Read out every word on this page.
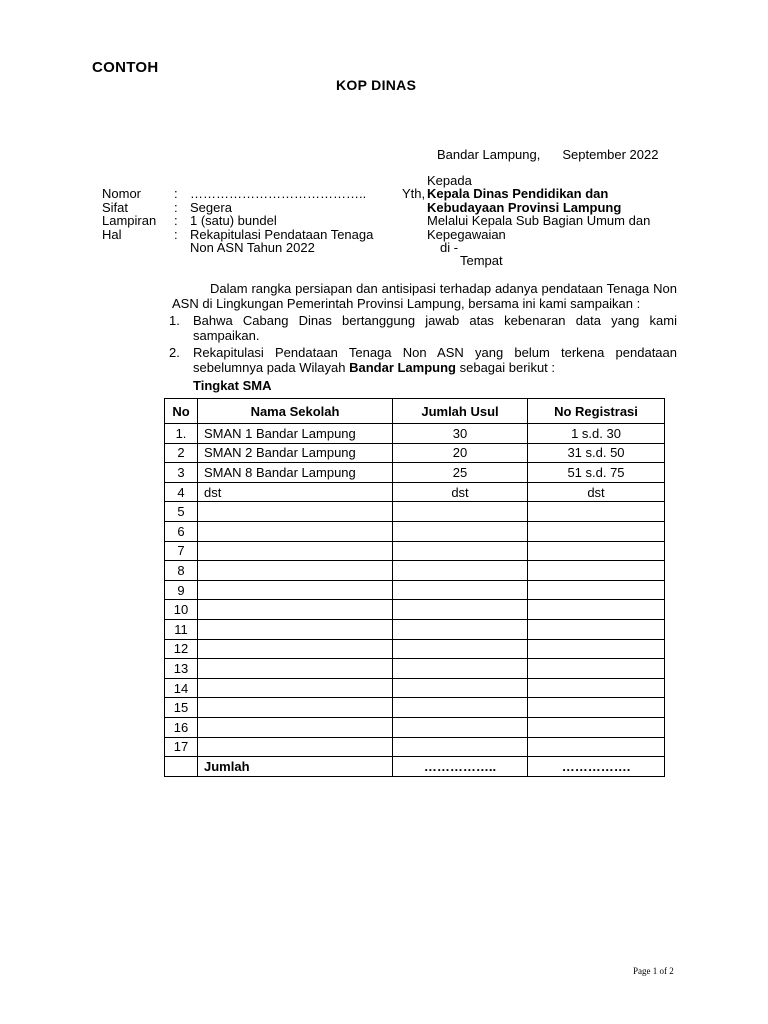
CONTOH
KOP DINAS
Bandar Lampung, September 2022
Nomor	: …………………………………..
Sifat	: Segera
Lampiran : 1 (satu) bundel
Hal	: Rekapitulasi Pendataan Tenaga
Non ASN Tahun 2022
Kepada
Yth, Kepala Dinas Pendidikan dan
Kebudayaan Provinsi Lampung
Melalui Kepala Sub Bagian Umum dan
Kepegawaian
di -
Tempat
Dalam rangka persiapan dan antisipasi terhadap adanya pendataan Tenaga Non ASN di Lingkungan Pemerintah Provinsi Lampung, bersama ini kami sampaikan :
1. Bahwa Cabang Dinas bertanggung jawab atas kebenaran data yang kami sampaikan.
2. Rekapitulasi Pendataan Tenaga Non ASN yang belum terkena pendataan sebelumnya pada Wilayah Bandar Lampung sebagai berikut :
Tingkat SMA
No	Nama Sekolah	Jumlah Usul	No Registrasi
1.	SMAN 1 Bandar Lampung	30	1 s.d. 30
2	SMAN 2 Bandar Lampung	20	31 s.d. 50
3	SMAN 8 Bandar Lampung	25	51 s.d. 75
4	dst	dst	dst
5			
6			
7			
8			
9			
10			
11			
12			
13			
14			
15			
16			
17			
	Jumlah	……………..	…………….
Page 1 of 2
